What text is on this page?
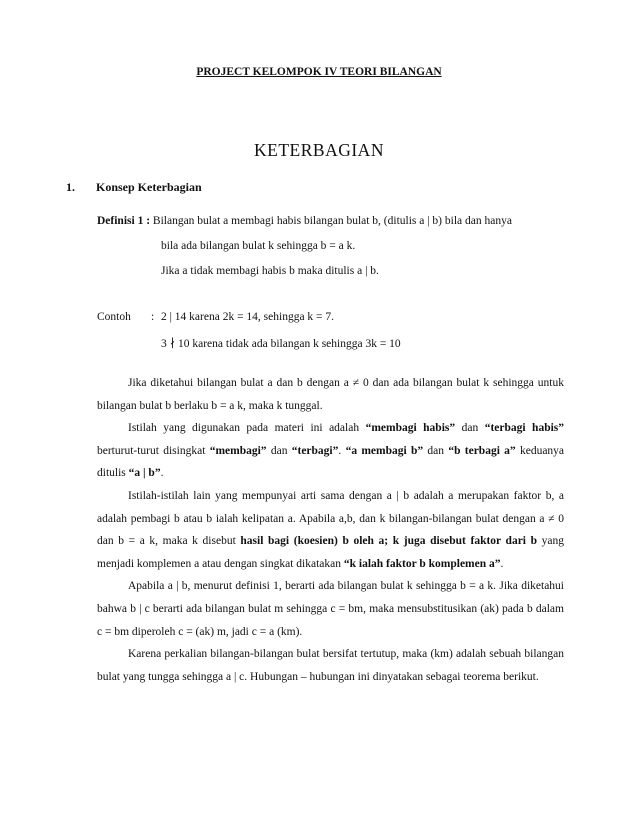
PROJECT KELOMPOK IV TEORI BILANGAN
KETERBAGIAN
1. Konsep Keterbagian
Definisi 1 : Bilangan bulat a membagi habis bilangan bulat b, (ditulis a | b) bila dan hanya
bila ada bilangan bulat k sehingga b = a k.
Jika a tidak membagi habis b maka ditulis a | b.
Contoh : 2 | 14 karena 2k = 14, sehingga k = 7.
3 ∤ 10 karena tidak ada bilangan k sehingga 3k = 10

Jika diketahui bilangan bulat a dan b dengan a ≠ 0 dan ada bilangan bulat k sehingga untuk bilangan bulat b berlaku b = a k, maka k tunggal.

Istilah yang digunakan pada materi ini adalah “membagi habis” dan “terbagi habis” berturut-turut disingkat “membagi” dan “terbagi”. “a membagi b” dan “b terbagi a” keduanya ditulis “a | b”.

Istilah-istilah lain yang mempunyai arti sama dengan a | b adalah a merupakan faktor b, a adalah pembagi b atau b ialah kelipatan a. Apabila a,b, dan k bilangan-bilangan bulat dengan a ≠ 0 dan b = a k, maka k disebut hasil bagi (koesien) b oleh a; k juga disebut faktor dari b yang menjadi komplemen a atau dengan singkat dikatakan “k ialah faktor b komplemen a”.

Apabila a | b, menurut definisi 1, berarti ada bilangan bulat k sehingga b = a k. Jika diketahui bahwa b | c berarti ada bilangan bulat m sehingga c = bm, maka mensubstitusikan (ak) pada b dalam c = bm diperoleh c = (ak) m, jadi c = a (km).

Karena perkalian bilangan-bilangan bulat bersifat tertutup, maka (km) adalah sebuah bilangan bulat yang tungga sehingga a | c. Hubungan – hubungan ini dinyatakan sebagai teorema berikut.
